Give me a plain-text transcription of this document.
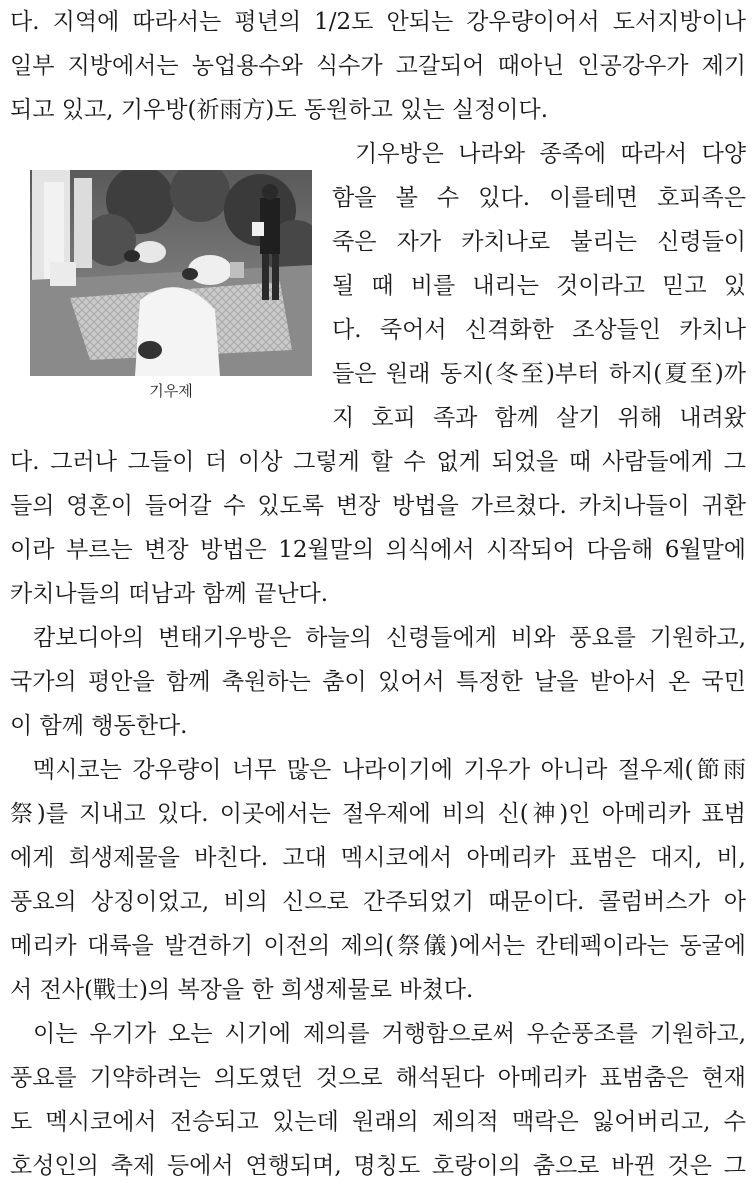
다. 지역에 따라서는 평년의 1/2도 안되는 강우량이어서 도서지방이나
일부 지방에서는 농업용수와 식수가 고갈되어 때아닌 인공강우가 제기
되고 있고, 기우방(祈雨方)도 동원하고 있는 실정이다.
기우제
기우방은 나라와 종족에 따라서 다양
함을 볼 수 있다. 이를테면 호피족은
죽은 자가 카치나로 불리는 신령들이
될 때 비를 내리는 것이라고 믿고 있
다. 죽어서 신격화한 조상들인 카치나
들은 원래 동지(冬至)부터 하지(夏至)까
지 호피 족과 함께 살기 위해 내려왔
다. 그러나 그들이 더 이상 그렇게 할 수 없게 되었을 때 사람들에게 그
들의 영혼이 들어갈 수 있도록 변장 방법을 가르쳤다. 카치나들이 귀환
이라 부르는 변장 방법은 12월말의 의식에서 시작되어 다음해 6월말에
카치나들의 떠남과 함께 끝난다.
캄보디아의 변태기우방은 하늘의 신령들에게 비와 풍요를 기원하고,
국가의 평안을 함께 축원하는 춤이 있어서 특정한 날을 받아서 온 국민
이 함께 행동한다.
멕시코는 강우량이 너무 많은 나라이기에 기우가 아니라 절우제(節雨
祭)를 지내고 있다. 이곳에서는 절우제에 비의 신(神)인 아메리카 표범
에게 희생제물을 바친다. 고대 멕시코에서 아메리카 표범은 대지, 비,
풍요의 상징이었고, 비의 신으로 간주되었기 때문이다. 콜럼버스가 아
메리카 대륙을 발견하기 이전의 제의(祭儀)에서는 칸테펙이라는 동굴에
서 전사(戰士)의 복장을 한 희생제물로 바쳤다.
이는 우기가 오는 시기에 제의를 거행함으로써 우순풍조를 기원하고,
풍요를 기약하려는 의도였던 것으로 해석된다 아메리카 표범춤은 현재
도 멕시코에서 전승되고 있는데 원래의 제의적 맥락은 잃어버리고, 수
호성인의 축제 등에서 연행되며, 명칭도 호랑이의 춤으로 바뀐 것은 그
